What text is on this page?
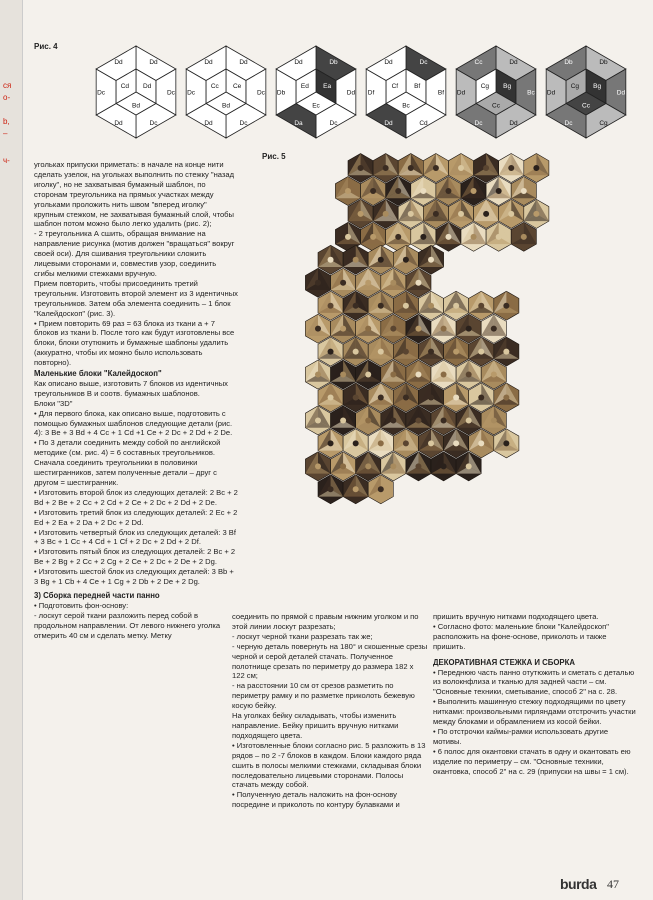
ся
о-
b,
–
ч-
Рис. 4
Dd
Dc
Dc
Dd
Dc
Dd
Dd
Bd
Cd
Dd
Dc
Dc
Dd
Dc
Dd
Ce
Bd
Cc
Db
Dd
Dc
Da
Db
Dd
Ea
Ec
Ed
Dc
Bf
Cd
Dd
Df
Dd
Bf
Bc
Cf
Dd
Bc
Dd
Dc
Dd
Cc
Bg
Cc
Cg
Db
Dd
Cg
Dc
Dd
Db
Bg
Cc
Cg
Рис. 5

угольках припуски приметать: в начале на конце нити сделать узелок, на угольках выполнить по стежку "назад иголку", но не захватывая бумажный шаблон, по сторонам треугольника на прямых участках между угольками проложить нить швом "вперед иголку" крупным стежком, не захватывая бумажный слой, чтобы шаблон потом можно было легко удалить (рис. 2);

- 2 треугольника А сшить, обращая внимание на направление рисунка (мотив должен "вращаться" вокруг своей оси). Для сшивания треугольники сложить лицевыми сторонами и, совместив узор, соединить сгибы мелкими стежками вручную.

Прием повторить, чтобы присоединить третий треугольник. Изготовить второй элемент из 3 идентичных треугольников. Затем оба элемента соединить – 1 блок "Калейдоскоп" (рис. 3).

• Прием повторить 69 раз = 63 блока из ткани a + 7 блоков из ткани b. После того как будут изготовлены все блоки, блоки отутюжить и бумажные шаблоны удалить (аккуратно, чтобы их можно было использовать повторно).

Маленькие блоки "Калейдоскоп"

Как описано выше, изготовить 7 блоков из идентичных треугольников B и соотв. бумажных шаблонов.

Блоки "3D"

• Для первого блока, как описано выше, подготовить с помощью бумажных шаблонов следующие детали (рис. 4): 3 Be + 3 Bd + 4 Cc + 1 Cd +1 Ce + 2 Dc + 2 Dd + 2 De.

• По 3 детали соединить между собой по английской методике (см. рис. 4) = 6 составных треугольников.

Сначала соединить треугольники в половинки шестигранников, затем полученные детали – друг с другом = шестигранник.

• Изготовить второй блок из следующих деталей: 2 Bc + 2 Bd + 2 Be + 2 Cc + 2 Cd + 2 Ce + 2 Dc + 2 Dd + 2 De.

• Изготовить третий блок из следующих деталей: 2 Ec + 2 Ed + 2 Ea + 2 Da + 2 Dc + 2 Dd.

• Изготовить четвертый блок из следующих деталей: 3 Bf + 3 Bc + 1 Cc + 4 Cd + 1 Cf + 2 Dc + 2 Dd + 2 Df.

• Изготовить пятый блок из следующих деталей: 2 Bc + 2 Be + 2 Bg + 2 Cc + 2 Cg + 2 Ce + 2 Dc + 2 De + 2 Dg.

• Изготовить шестой блок из следующих деталей: 3 Bb + 3 Bg + 1 Cb + 4 Ce + 1 Cg + 2 Db + 2 De + 2 Dg.

3) Сборка передней части панно

• Подготовить фон-основу:

- лоскут серой ткани разложить перед собой в продольном направлении. От левого нижнего уголка отмерить 40 см и сделать метку. Метку

соединить по прямой с правым нижним уголком и по этой линии лоскут разрезать;

- лоскут черной ткани разрезать так же;

- черную деталь повернуть на 180° и скошенные срезы черной и серой деталей стачать. Полученное полотнище срезать по периметру до размера 182 х 122 см;

- на расстоянии 10 см от срезов разметить по периметру рамку и по разметке приколоть бежевую косую бейку.

На уголках бейку складывать, чтобы изменить направление. Бейку пришить вручную нитками подходящего цвета.

• Изготовленные блоки согласно рис. 5 разложить в 13 рядов – по 2 -7 блоков в каждом. Блоки каждого ряда сшить в полосы мелкими стежками, складывая блоки последовательно лицевыми сторонами. Полосы стачать между собой.

• Полученную деталь наложить на фон-основу посредине и приколоть по контуру булавками и

пришить вручную нитками подходящего цвета.

• Согласно фото: маленькие блоки "Калейдоскоп" расположить на фоне-основе, приколоть и также пришить.

ДЕКОРАТИВНАЯ СТЕЖКА И СБОРКА

• Переднюю часть панно отутюжить и сметать с деталью из волокнфлиза и тканью для задней части – см. "Основные техники, сметывание, способ 2" на с. 28.

• Выполнить машинную стежку подходящими по цвету нитками: произвольными гирляндами отстрочить участки между блоками и обрамлением из косой бейки.

• По отстрочки каймы-рамки использовать другие мотивы.

• 6 полос для окантовки стачать в одну и окантовать ею изделие по периметру – см. "Основные техники, окантовка, способ 2" на с. 29 (припуски на швы = 1 см).

burda 47
